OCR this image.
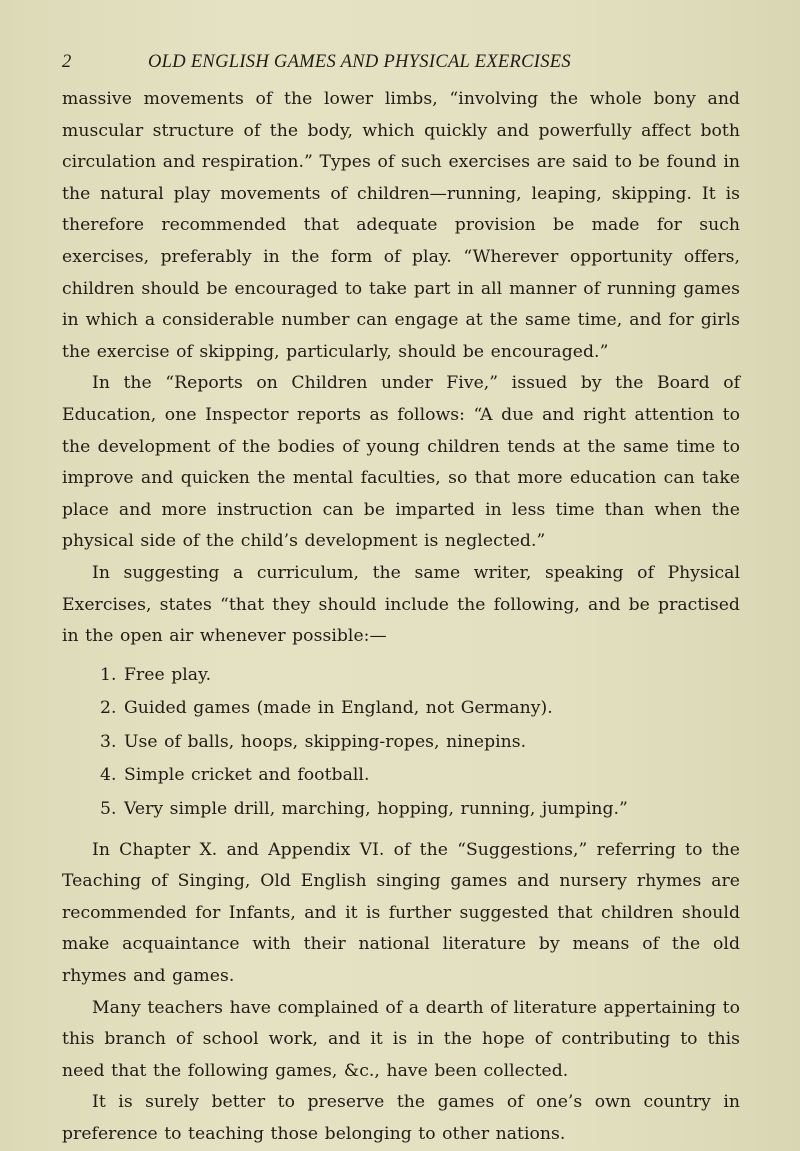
2	OLD ENGLISH GAMES AND PHYSICAL EXERCISES

massive movements of the lower limbs, “involving the whole bony and muscular structure of the body, which quickly and powerfully affect both circulation and respiration.” Types of such exercises are said to be found in the natural play movements of children—running, leaping, skipping. It is therefore recommended that adequate provision be made for such exercises, preferably in the form of play. “Wherever opportunity offers, children should be encouraged to take part in all manner of running games in which a considerable number can engage at the same time, and for girls the exercise of skipping, particularly, should be encouraged.”

In the “Reports on Children under Five,” issued by the Board of Education, one Inspector reports as follows: “A due and right attention to the development of the bodies of young children tends at the same time to improve and quicken the mental faculties, so that more education can take place and more instruction can be imparted in less time than when the physical side of the child’s development is neglected.”

In suggesting a curriculum, the same writer, speaking of Physical Exercises, states “that they should include the following, and be practised in the open air whenever possible:—

1. Free play.
2. Guided games (made in England, not Germany).
3. Use of balls, hoops, skipping-ropes, ninepins.
4. Simple cricket and football.
5. Very simple drill, marching, hopping, running, jumping.”

In Chapter X. and Appendix VI. of the “Suggestions,” referring to the Teaching of Singing, Old English singing games and nursery rhymes are recommended for Infants, and it is further suggested that children should make acquaintance with their national literature by means of the old rhymes and games.

Many teachers have complained of a dearth of literature appertaining to this branch of school work, and it is in the hope of contributing to this need that the following games, &c., have been collected.

It is surely better to preserve the games of one’s own country in preference to teaching those belonging to other nations.
